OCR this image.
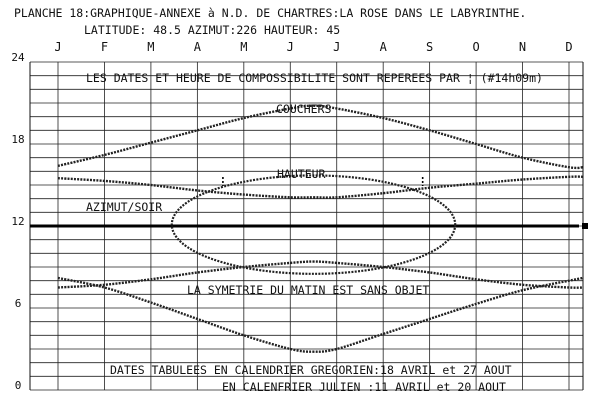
PLANCHE 18:GRAPHIQUE-ANNEXE à N.D. DE CHARTRES:LA ROSE DANS LE LABYRINTHE.
LATITUDE: 48.5 AZIMUT:226 HAUTEUR: 45
0
6
12
18
24
J	F	M	A	M	J	J	A	S	O	N	D
LES DATES ET HEURE DE COMPOSSIBILITE SONT REPEREES PAR ¦ (#14h09m)
COUCHERS
HAUTEUR
AZIMUT/SOIR
LA SYMETRIE DU MATIN EST SANS OBJET
DATES TABULEES EN CALENDRIER GREGORIEN:18 AVRIL et 27 AOUT
EN CALENFRIER JULIEN :11 AVRIL et 20 AOUT
